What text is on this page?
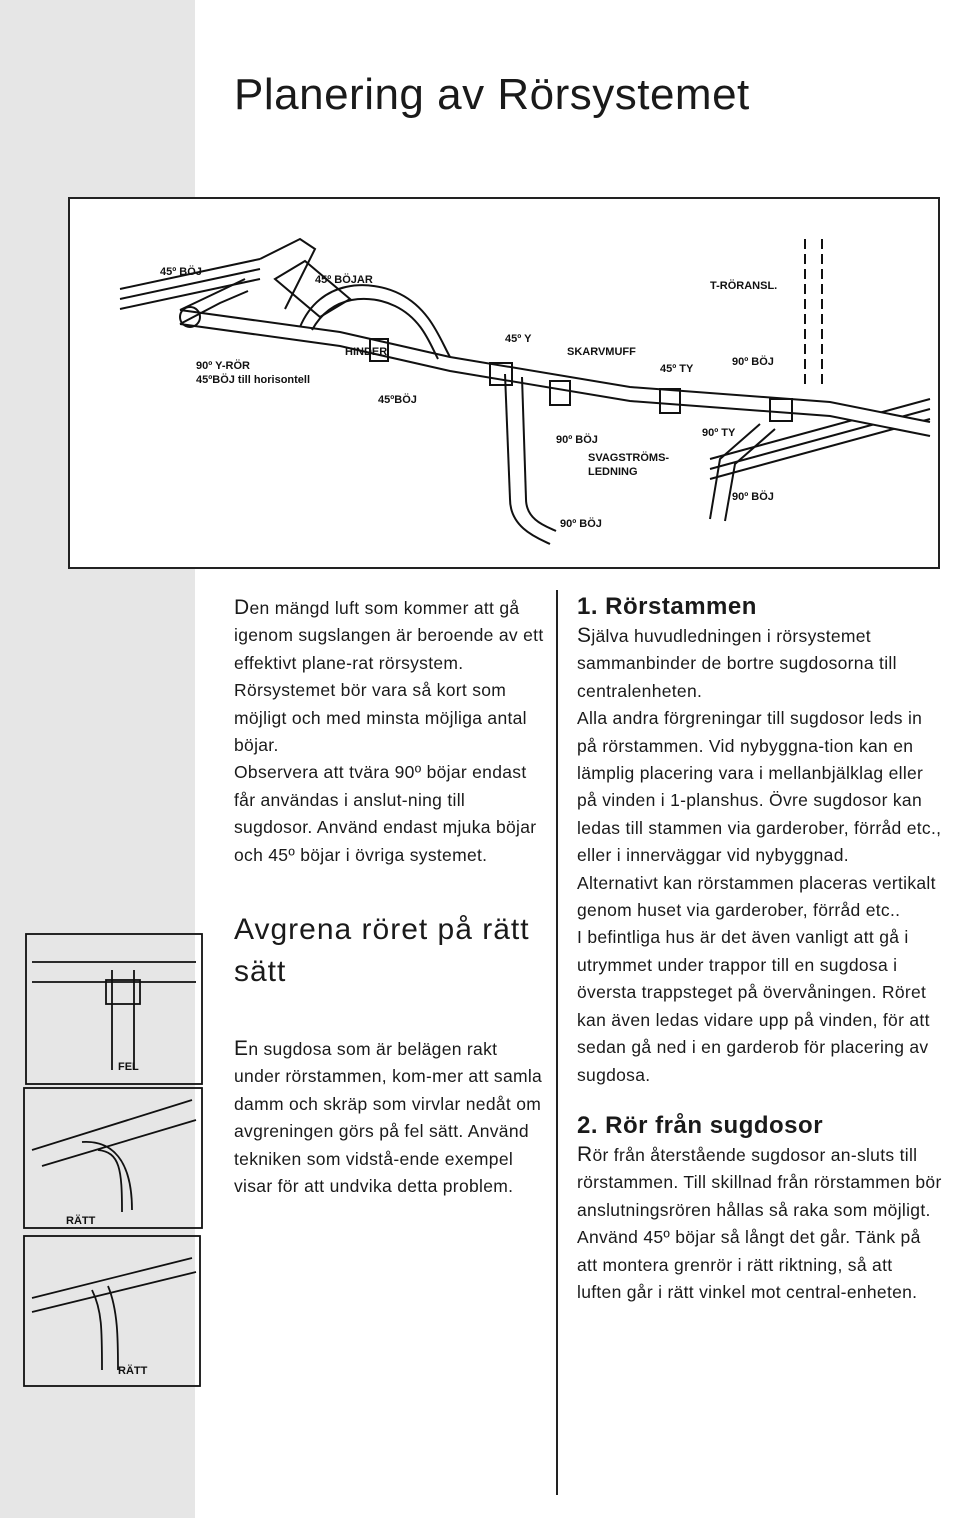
Planering av Rörsystemet
45º BÖJ
45º BÖJAR	T-RÖRANSL.
HINDER
45º Y
SKARVMUFF
90º Y-RÖR
45ºBÖJ till horisontell
45º TY
90º BÖJ
45ºBÖJ
90º BÖJ
90º TY
SVAGSTRÖMS-
LEDNING
90º BÖJ
90º BÖJ
FEL
RÄTT
RÄTT

Den mängd luft som kommer att gå igenom sugslangen är beroende av ett effektivt plane-rat rörsystem.

Rörsystemet bör vara så kort som möjligt och med minsta möjliga antal böjar.

Observera att tvära 90º böjar endast får användas i anslut-ning till sugdosor. Använd endast mjuka böjar och 45º böjar i övriga systemet.

Avgrena röret på rätt sätt

En sugdosa som är belägen rakt under rörstammen, kom-mer att samla damm och skräp som virvlar nedåt om avgreningen görs på fel sätt. Använd tekniken som vidstå-ende exempel visar för att undvika detta problem.

1. Rörstammen

Själva huvudledningen i rörsystemet sammanbinder de bortre sugdosorna till centralenheten.

Alla andra förgreningar till sugdosor leds in på rörstammen. Vid nybyggna-tion kan en lämplig placering vara i mellanbjälklag eller på vinden i 1-planshus. Övre sugdosor kan ledas till stammen via garderober, förråd etc., eller i innerväggar vid nybyggnad.

Alternativt kan rörstammen placeras vertikalt genom huset via garderober, förråd etc..

I befintliga hus är det även vanligt att gå i utrymmet under trappor till en sugdosa i översta trappsteget på övervåningen. Röret kan även ledas vidare upp på vinden, för att sedan gå ned i en garderob för placering av sugdosa.

2. Rör från sugdosor

Rör från återstående sugdosor an-sluts till rörstammen. Till skillnad från rörstammen bör anslutningsrören hållas så raka som möjligt. Använd 45º böjar så långt det går. Tänk på att montera grenrör i rätt riktning, så att luften går i rätt vinkel mot central-enheten.
